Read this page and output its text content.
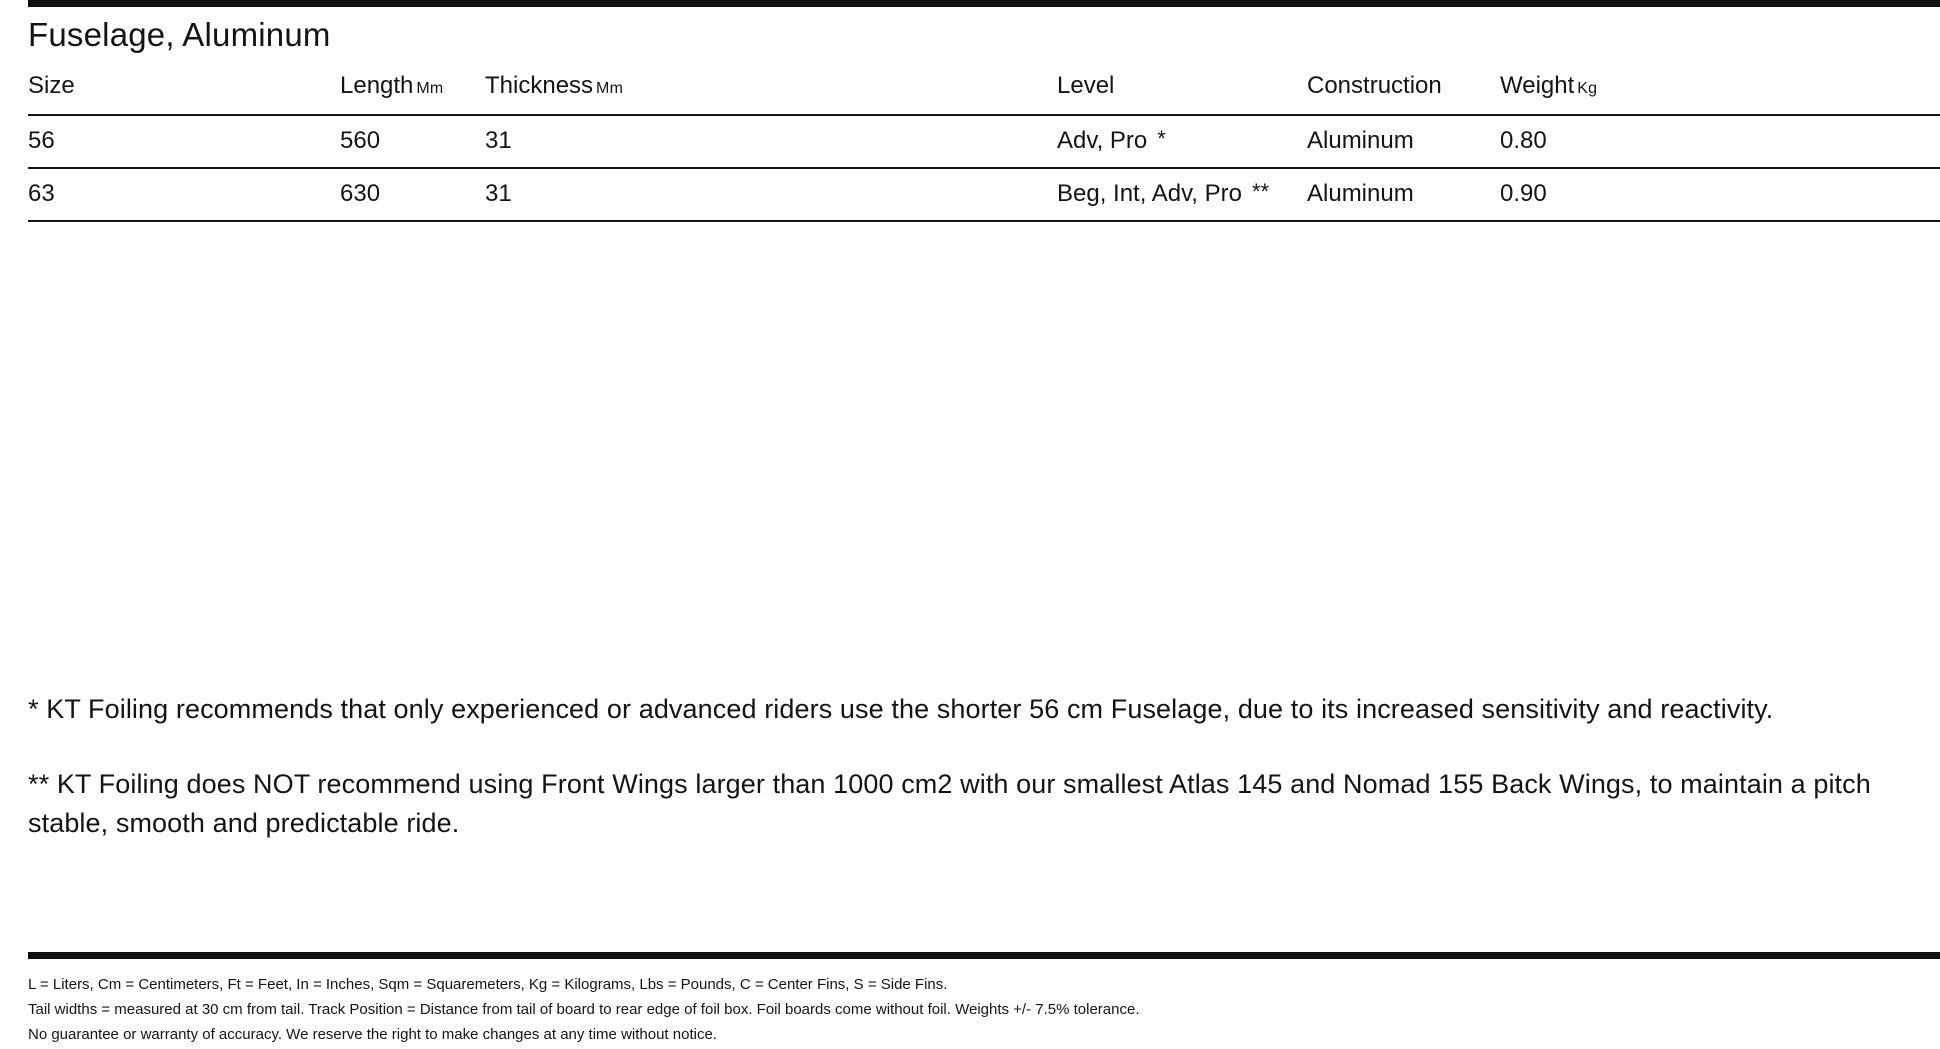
Fuselage, Aluminum
Size	Length Mm	Thickness Mm	Level	Construction	Weight Kg
56	560	31	Adv, Pro *	Aluminum	0.80
63	630	31	Beg, Int, Adv, Pro **	Aluminum	0.90

* KT Foiling recommends that only experienced or advanced riders use the shorter 56 cm Fuselage, due to its increased sensitivity and reactivity.

** KT Foiling does NOT recommend using Front Wings larger than 1000 cm2 with our smallest Atlas 145 and Nomad 155 Back Wings, to maintain a pitch stable, smooth and predictable ride.

L = Liters, Cm = Centimeters, Ft = Feet, In = Inches, Sqm = Squaremeters, Kg = Kilograms, Lbs = Pounds, C = Center Fins, S = Side Fins.
Tail widths = measured at 30 cm from tail. Track Position = Distance from tail of board to rear edge of foil box. Foil boards come without foil. Weights +/- 7.5% tolerance.
No guarantee or warranty of accuracy. We reserve the right to make changes at any time without notice.
